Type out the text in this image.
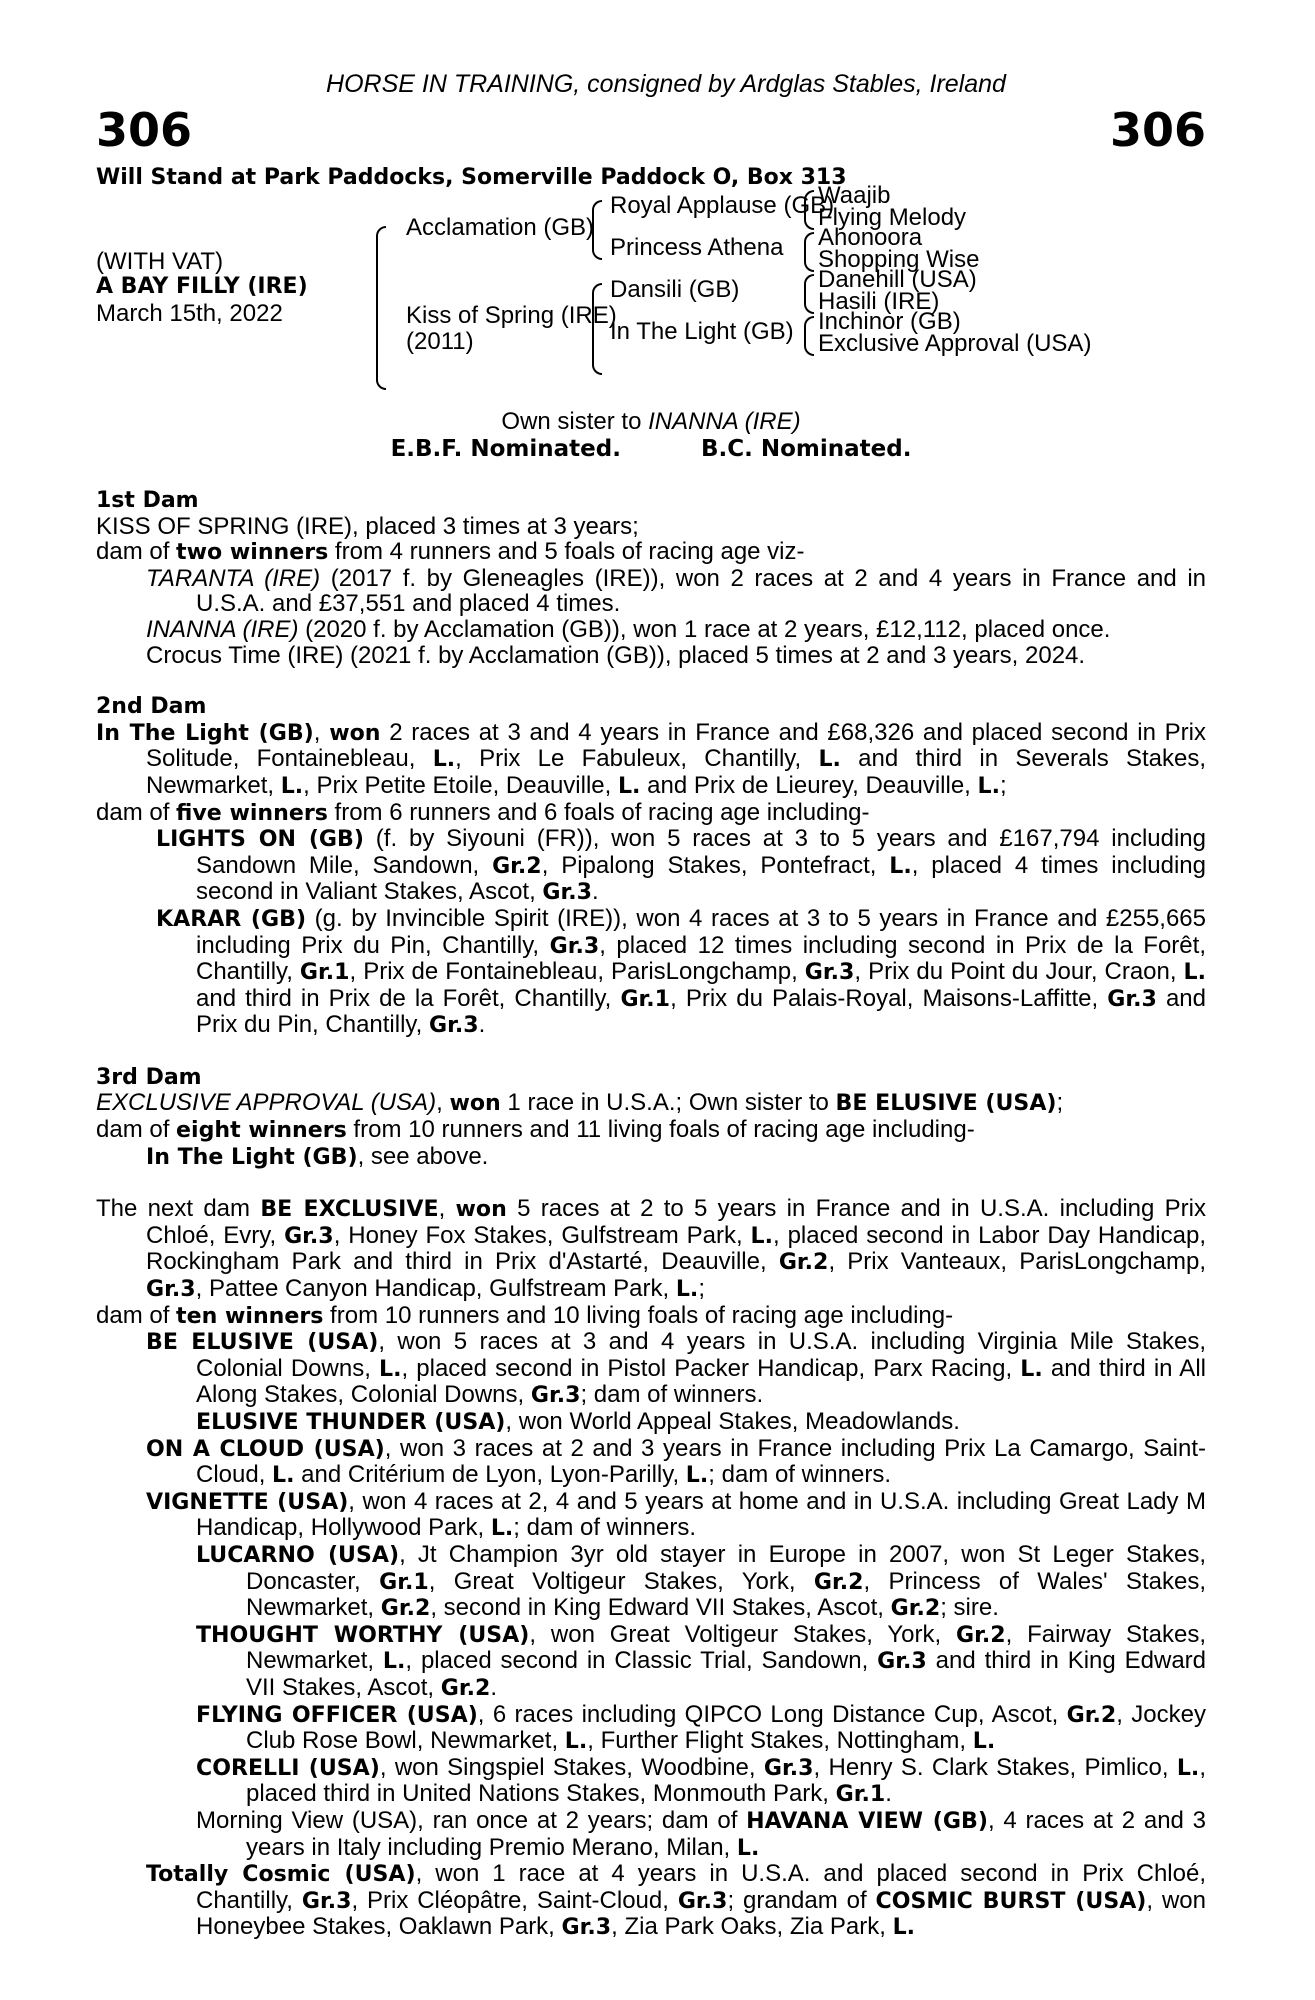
HORSE IN TRAINING, consigned by Ardglas Stables, Ireland
306	306
Will Stand at Park Paddocks, Somerville Paddock O, Box 313
(WITH VAT)
A BAY FILLY (IRE)
March 15th, 2022
Acclamation (GB)
Kiss of Spring (IRE)
(2011)
Royal Applause (GB)
Princess Athena
Dansili (GB)
In The Light (GB)
Waajib
Flying Melody
Ahonoora
Shopping Wise
Danehill (USA)
Hasili (IRE)
Inchinor (GB)
Exclusive Approval (USA)
Own sister to INANNA (IRE)
E.B.F. Nominated.	B.C. Nominated.
1st Dam

KISS OF SPRING (IRE), placed 3 times at 3 years;

dam of two winners from 4 runners and 5 foals of racing age viz-

TARANTA (IRE) (2017 f. by Gleneagles (IRE)), won 2 races at 2 and 4 years in France and in U.S.A. and £37,551 and placed 4 times.

INANNA (IRE) (2020 f. by Acclamation (GB)), won 1 race at 2 years, £12,112, placed once.

Crocus Time (IRE) (2021 f. by Acclamation (GB)), placed 5 times at 2 and 3 years, 2024.

2nd Dam

In The Light (GB), won 2 races at 3 and 4 years in France and £68,326 and placed second in Prix Solitude, Fontainebleau, L., Prix Le Fabuleux, Chantilly, L. and third in Severals Stakes, Newmarket, L., Prix Petite Etoile, Deauville, L. and Prix de Lieurey, Deauville, L.;

dam of five winners from 6 runners and 6 foals of racing age including-

LIGHTS ON (GB) (f. by Siyouni (FR)), won 5 races at 3 to 5 years and £167,794 including Sandown Mile, Sandown, Gr.2, Pipalong Stakes, Pontefract, L., placed 4 times including second in Valiant Stakes, Ascot, Gr.3.

KARAR (GB) (g. by Invincible Spirit (IRE)), won 4 races at 3 to 5 years in France and £255,665 including Prix du Pin, Chantilly, Gr.3, placed 12 times including second in Prix de la Forêt, Chantilly, Gr.1, Prix de Fontainebleau, ParisLongchamp, Gr.3, Prix du Point du Jour, Craon, L. and third in Prix de la Forêt, Chantilly, Gr.1, Prix du Palais-Royal, Maisons-Laffitte, Gr.3 and Prix du Pin, Chantilly, Gr.3.

3rd Dam

EXCLUSIVE APPROVAL (USA), won 1 race in U.S.A.; Own sister to BE ELUSIVE (USA);

dam of eight winners from 10 runners and 11 living foals of racing age including-

In The Light (GB), see above.

The next dam BE EXCLUSIVE, won 5 races at 2 to 5 years in France and in U.S.A. including Prix Chloé, Evry, Gr.3, Honey Fox Stakes, Gulfstream Park, L., placed second in Labor Day Handicap, Rockingham Park and third in Prix d'Astarté, Deauville, Gr.2, Prix Vanteaux, ParisLongchamp, Gr.3, Pattee Canyon Handicap, Gulfstream Park, L.;

dam of ten winners from 10 runners and 10 living foals of racing age including-

BE ELUSIVE (USA), won 5 races at 3 and 4 years in U.S.A. including Virginia Mile Stakes, Colonial Downs, L., placed second in Pistol Packer Handicap, Parx Racing, L. and third in All Along Stakes, Colonial Downs, Gr.3; dam of winners.

ELUSIVE THUNDER (USA), won World Appeal Stakes, Meadowlands.

ON A CLOUD (USA), won 3 races at 2 and 3 years in France including Prix La Camargo, Saint-Cloud, L. and Critérium de Lyon, Lyon-Parilly, L.; dam of winners.

VIGNETTE (USA), won 4 races at 2, 4 and 5 years at home and in U.S.A. including Great Lady M Handicap, Hollywood Park, L.; dam of winners.

LUCARNO (USA), Jt Champion 3yr old stayer in Europe in 2007, won St Leger Stakes, Doncaster, Gr.1, Great Voltigeur Stakes, York, Gr.2, Princess of Wales' Stakes, Newmarket, Gr.2, second in King Edward VII Stakes, Ascot, Gr.2; sire.

THOUGHT WORTHY (USA), won Great Voltigeur Stakes, York, Gr.2, Fairway Stakes, Newmarket, L., placed second in Classic Trial, Sandown, Gr.3 and third in King Edward VII Stakes, Ascot, Gr.2.

FLYING OFFICER (USA), 6 races including QIPCO Long Distance Cup, Ascot, Gr.2, Jockey Club Rose Bowl, Newmarket, L., Further Flight Stakes, Nottingham, L.

CORELLI (USA), won Singspiel Stakes, Woodbine, Gr.3, Henry S. Clark Stakes, Pimlico, L., placed third in United Nations Stakes, Monmouth Park, Gr.1.

Morning View (USA), ran once at 2 years; dam of HAVANA VIEW (GB), 4 races at 2 and 3 years in Italy including Premio Merano, Milan, L.

Totally Cosmic (USA), won 1 race at 4 years in U.S.A. and placed second in Prix Chloé, Chantilly, Gr.3, Prix Cléopâtre, Saint-Cloud, Gr.3; grandam of COSMIC BURST (USA), won Honeybee Stakes, Oaklawn Park, Gr.3, Zia Park Oaks, Zia Park, L.
